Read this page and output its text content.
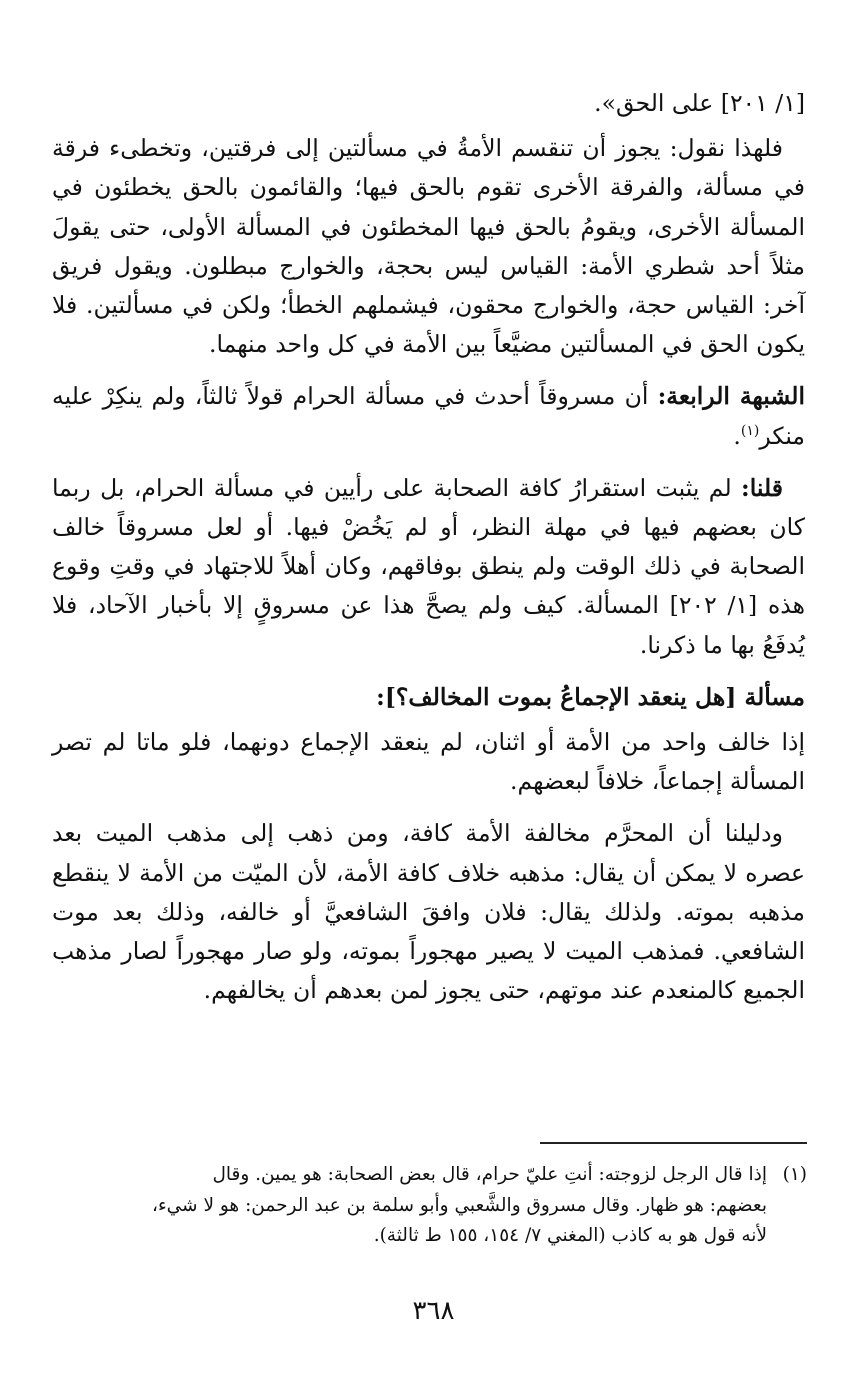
[١/ ٢٠١] على الحق».

فلهذا نقول: يجوز أن تنقسم الأمةُ في مسألتين إلى فرقتين، وتخطىء فرقة في مسألة، والفرقة الأخرى تقوم بالحق فيها؛ والقائمون بالحق يخطئون في المسألة الأخرى، ويقومُ بالحق فيها المخطئون في المسألة الأولى، حتى يقولَ مثلاً أحد شطري الأمة: القياس ليس بحجة، والخوارج مبطلون. ويقول فريق آخر: القياس حجة، والخوارج محقون، فيشملهم الخطأ؛ ولكن في مسألتين. فلا يكون الحق في المسألتين مضيَّعاً بين الأمة في كل واحد منهما.

الشبهة الرابعة: أن مسروقاً أحدث في مسألة الحرام قولاً ثالثاً، ولم ينكِرْ عليه منكر$^{(١)}$.

قلنا: لم يثبت استقرارُ كافة الصحابة على رأيين في مسألة الحرام، بل ربما كان بعضهم فيها في مهلة النظر، أو لم يَخُضْ فيها. أو لعل مسروقاً خالف الصحابة في ذلك الوقت ولم ينطق بوفاقهم، وكان أهلاً للاجتهاد في وقتِ وقوع هذه [١/ ٢٠٢] المسألة. كيف ولم يصحَّ هذا عن مسروقٍ إلا بأخبار الآحاد، فلا يُدفَعُ بها ما ذكرنا.

مسألة [هل ينعقد الإجماعُ بموت المخالف؟]:

إذا خالف واحد من الأمة أو اثنان، لم ينعقد الإجماع دونهما، فلو ماتا لم تصر المسألة إجماعاً، خلافاً لبعضهم.

ودليلنا أن المحرَّم مخالفة الأمة كافة، ومن ذهب إلى مذهب الميت بعد عصره لا يمكن أن يقال: مذهبه خلاف كافة الأمة، لأن الميّت من الأمة لا ينقطع مذهبه بموته. ولذلك يقال: فلان وافقَ الشافعيَّ أو خالفه، وذلك بعد موت الشافعي. فمذهب الميت لا يصير مهجوراً بموته، ولو صار مهجوراً لصار مذهب الجميع كالمنعدم عند موتهم، حتى يجوز لمن بعدهم أن يخالفهم.

(١)إذا قال الرجل لزوجته: أنتِ عليّ حرام، قال بعض الصحابة: هو يمين. وقال
بعضهم: هو ظهار. وقال مسروق والشَّعبي وأبو سلمة بن عبد الرحمن: هو لا شيء،
لأنه قول هو به كاذب (المغني ٧/ ١٥٤، ١٥٥ ط ثالثة).
٣٦٨
